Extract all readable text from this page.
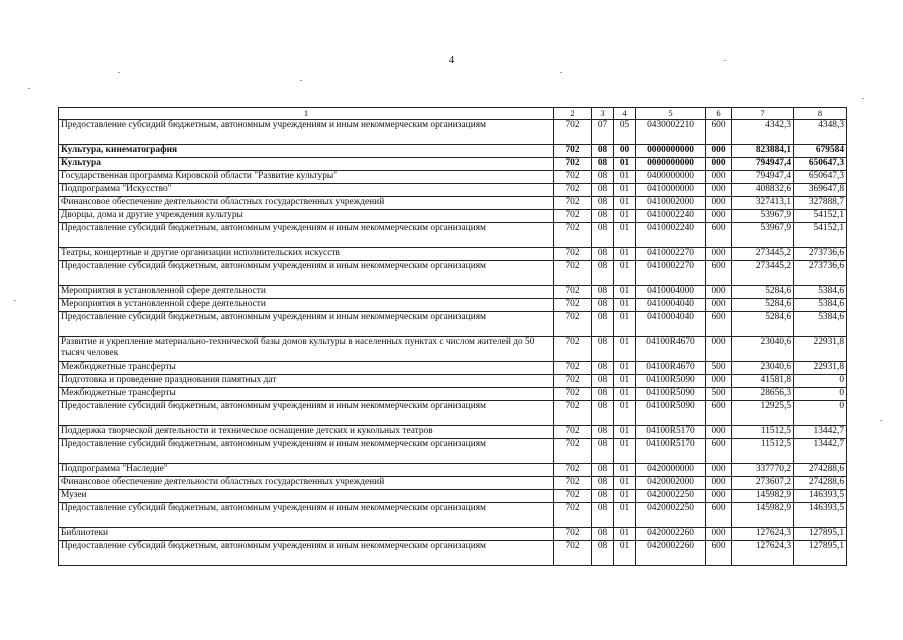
4
1	2	3	4	5	6	7	8
Предоставление субсидий бюджетным, автономным учреждениям и иным некоммерческим организациям	702	07	05	0430002210	600	4342,3	4348,3
Культура, кинематография	702	08	00	0000000000	000	823884,1	679584
Культура	702	08	01	0000000000	000	794947,4	650647,3
Государственная программа Кировской области "Развитие культуры"	702	08	01	0400000000	000	794947,4	650647,3
Подпрограмма "Искусство"	702	08	01	0410000000	000	408832,6	369647,8
Финансовое обеспечение деятельности областных государственных учреждений	702	08	01	0410002000	000	327413,1	327888,7
Дворцы, дома и другие учреждения культуры	702	08	01	0410002240	000	53967,9	54152,1
Предоставление субсидий бюджетным, автономным учреждениям и иным некоммерческим организациям	702	08	01	0410002240	600	53967,9	54152,1
Театры, концертные и другие организации исполнительских искусств	702	08	01	0410002270	000	273445,2	273736,6
Предоставление субсидий бюджетным, автономным учреждениям и иным некоммерческим организациям	702	08	01	0410002270	600	273445,2	273736,6
Мероприятия в установленной сфере деятельности	702	08	01	0410004000	000	5284,6	5384,6
Мероприятия в установленной сфере деятельности	702	08	01	0410004040	000	5284,6	5384,6
Предоставление субсидий бюджетным, автономным учреждениям и иным некоммерческим организациям	702	08	01	0410004040	600	5284,6	5384,6
Развитие и укрепление материально-технической базы домов культуры в населенных пунктах с числом жителей до 50 тысяч человек	702	08	01	04100R4670	000	23040,6	22931,8
Межбюджетные трансферты	702	08	01	04100R4670	500	23040,6	22931,8
Подготовка и проведение празднования памятных дат	702	08	01	04100R5090	000	41581,8	0
Межбюджетные трансферты	702	08	01	04100R5090	500	28656,3	0
Предоставление субсидий бюджетным, автономным учреждениям и иным некоммерческим организациям	702	08	01	04100R5090	600	12925,5	0
Поддержка творческой деятельности и техническое оснащение детских и кукольных театров	702	08	01	04100R5170	000	11512,5	13442,7
Предоставление субсидий бюджетным, автономным учреждениям и иным некоммерческим организациям	702	08	01	04100R5170	600	11512,5	13442,7
Подпрограмма "Наследие"	702	08	01	0420000000	000	337770,2	274288,6
Финансовое обеспечение деятельности областных государственных учреждений	702	08	01	0420002000	000	273607,2	274288,6
Музеи	702	08	01	0420002250	000	145982,9	146393,5
Предоставление субсидий бюджетным, автономным учреждениям и иным некоммерческим организациям	702	08	01	0420002250	600	145982,9	146393,5
Библиотеки	702	08	01	0420002260	000	127624,3	127895,1
Предоставление субсидий бюджетным, автономным учреждениям и иным некоммерческим организациям	702	08	01	0420002260	600	127624,3	127895,1
